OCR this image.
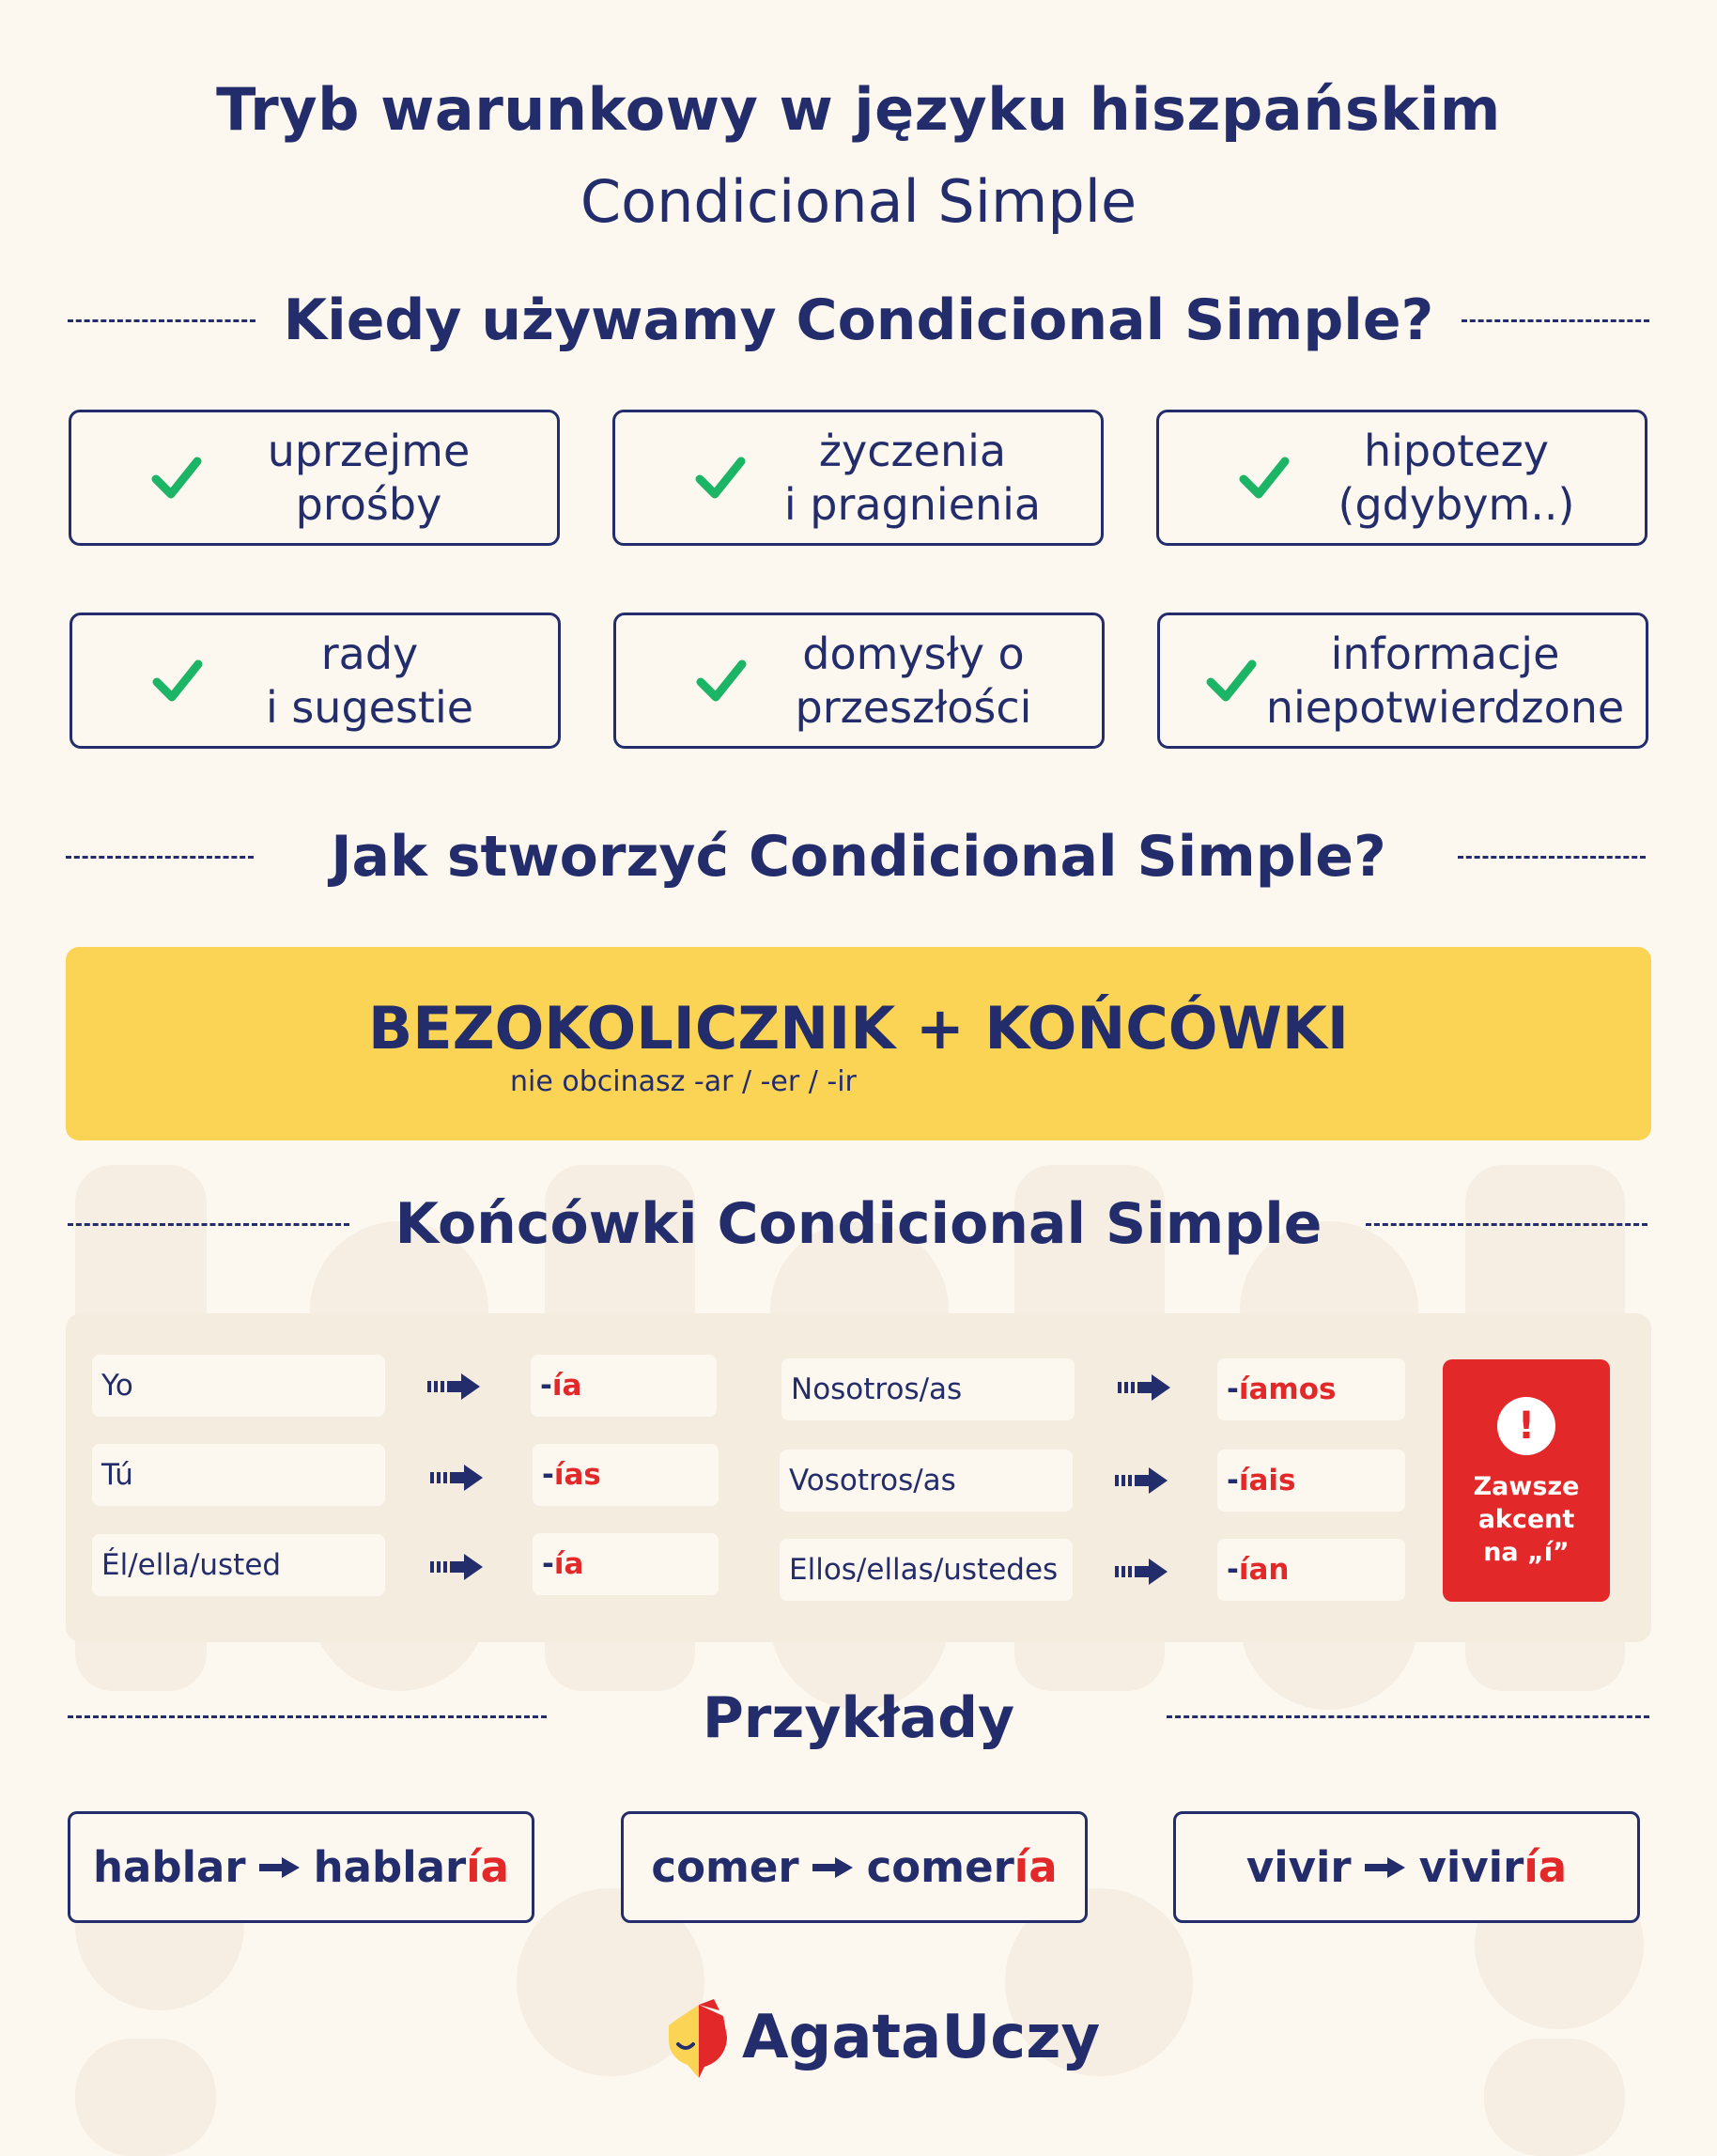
Tryb warunkowy w języku hiszpańskim
Condicional Simple
Kiedy używamy Condicional Simple?
uprzejme
prośby
życzenia
i pragnienia
hipotezy
(gdybym..)
rady
i sugestie
domysły o
przeszłości
informacje
niepotwierdzone
Jak stworzyć Condicional Simple?
BEZOKOLICZNIK + KOŃCÓWKI
nie obcinasz -ar / -er / -ir
Końcówki Condicional Simple
Yo	- ía
Tú	- ías
Él/ella/usted	- ía
Nosotros/as	- íamos
Vosotros/as	- íais
Ellos/ellas/ustedes	- ían
!
Zawsze
akcent
na „í”
Przykłady
hablar hablar ía	comer comer ía	vivir vivir ía
AgataUczy
